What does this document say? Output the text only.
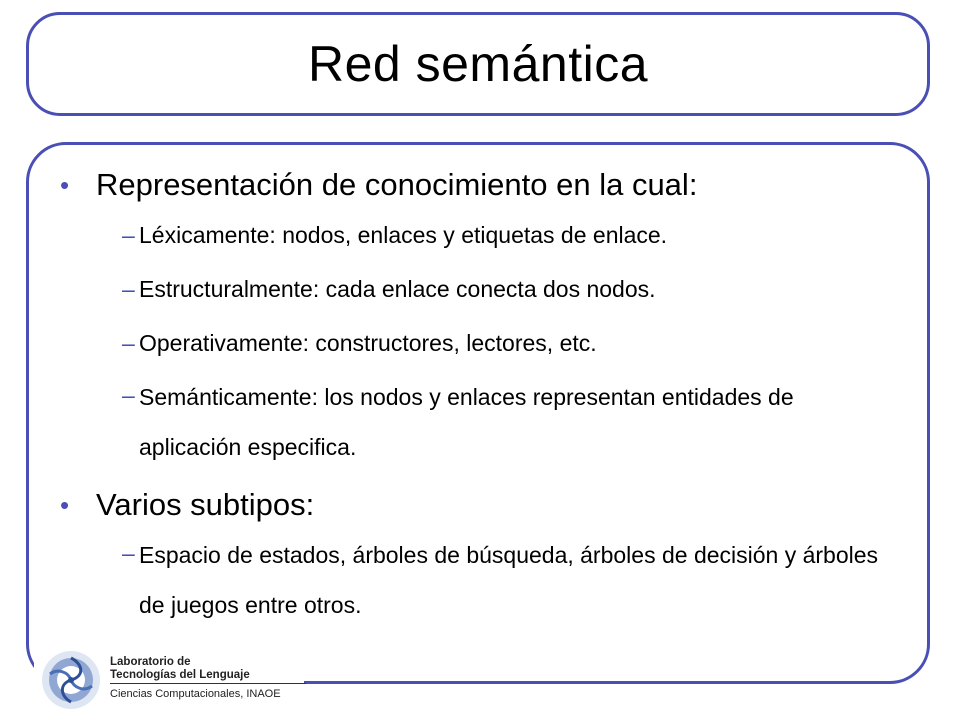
Red semántica
• Representación de conocimiento en la cual:
– Léxicamente: nodos, enlaces y etiquetas de enlace.
– Estructuralmente: cada enlace conecta dos nodos.
– Operativamente: constructores, lectores, etc.
– Semánticamente: los nodos y enlaces representan entidades de aplicación especifica.
• Varios subtipos:
– Espacio de estados, árboles de búsqueda, árboles de decisión y árboles de juegos entre otros.
Laboratorio de
Tecnologías del Lenguaje
Ciencias Computacionales, INAOE
